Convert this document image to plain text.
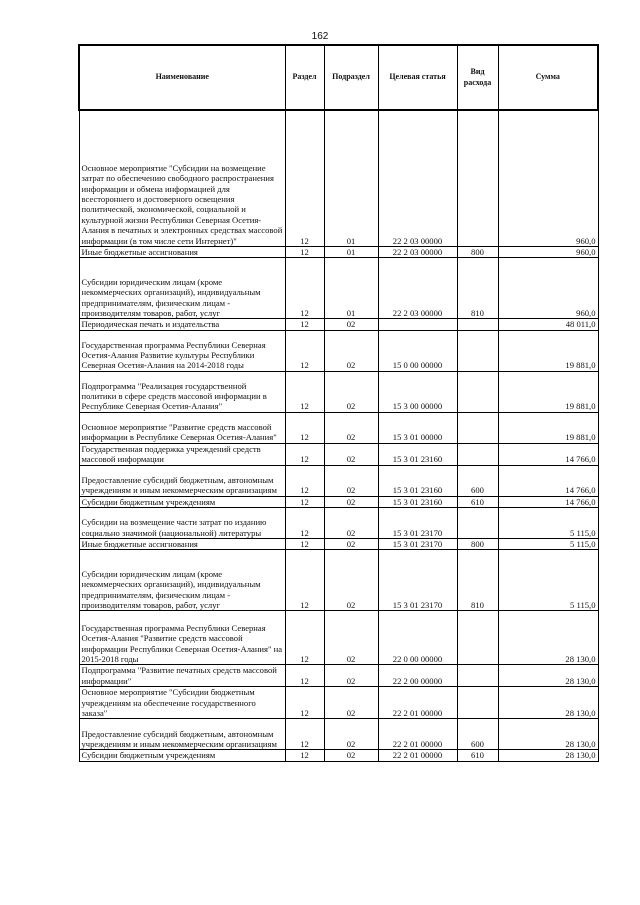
162
Наименование	Раздел	Подраздел	Целевая статья	Вид расхода	Сумма
Основное мероприятие "Субсидии на возмещение затрат по обеспечению свободного распространения информации и обмена информацией для всестороннего и достоверного освещения политической, экономической, социальной и культурной жизни Республики Северная Осетия-Алания в печатных и электронных средствах массовой информации (в том числе сети Интернет)"	12	01	22 2 03 00000		960,0
Иные бюджетные ассигнования	12	01	22 2 03 00000	800	960,0
Субсидии юридическим лицам (кроме некоммерческих организаций), индивидуальным предпринимателям, физическим лицам - производителям товаров, работ, услуг	12	01	22 2 03 00000	810	960,0
Периодическая печать и издательства	12	02			48 011,0
Государственная программа Республики Северная Осетия-Алания Развитие культуры Республики Северная Осетия-Алания на 2014-2018 годы	12	02	15 0 00 00000		19 881,0
Подпрограмма "Реализация государственной политики в сфере средств массовой информации в Республике Северная Осетия-Алания"	12	02	15 3 00 00000		19 881,0
Основное мероприятие "Развитие средств массовой информации в Республике Северная Осетия-Алания"	12	02	15 3 01 00000		19 881,0
Государственная поддержка учреждений средств массовой информации	12	02	15 3 01 23160		14 766,0
Предоставление субсидий бюджетным, автономным учреждениям и иным некоммерческим организациям	12	02	15 3 01 23160	600	14 766,0
Субсидии бюджетным учреждениям	12	02	15 3 01 23160	610	14 766,0
Субсидии на возмещение части затрат по изданию социально значимой (национальной) литературы	12	02	15 3 01 23170		5 115,0
Иные бюджетные ассигнования	12	02	15 3 01 23170	800	5 115,0
Субсидии юридическим лицам (кроме некоммерческих организаций), индивидуальным предпринимателям, физическим лицам - производителям товаров, работ, услуг	12	02	15 3 01 23170	810	5 115,0
Государственная программа Республики Северная Осетия-Алания "Развитие средств массовой информации Республики Северная Осетия-Алания" на 2015-2018 годы	12	02	22 0 00 00000		28 130,0
Подпрограмма "Развитие печатных средств массовой информации"	12	02	22 2 00 00000		28 130,0
Основное мероприятие "Субсидии бюджетным учреждениям на обеспечение государственного заказа"	12	02	22 2 01 00000		28 130,0
Предоставление субсидий бюджетным, автономным учреждениям и иным некоммерческим организациям	12	02	22 2 01 00000	600	28 130,0
Субсидии бюджетным учреждениям	12	02	22 2 01 00000	610	28 130,0
